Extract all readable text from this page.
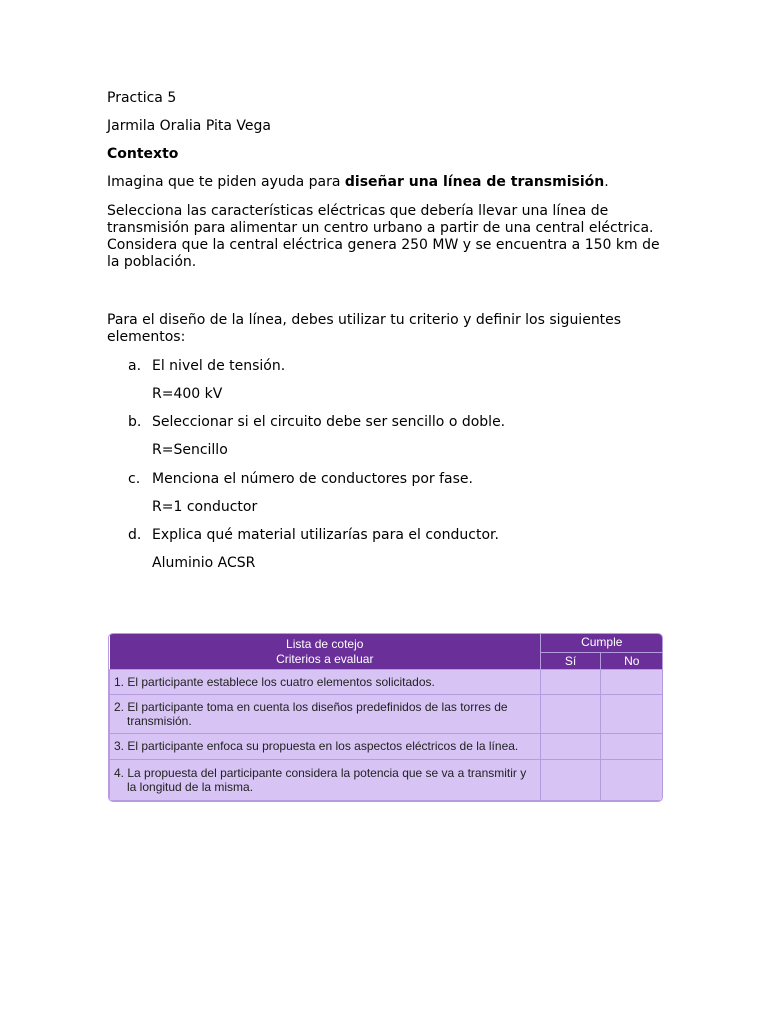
Practica 5

Jarmila Oralia Pita Vega

Contexto

Imagina que te piden ayuda para diseñar una línea de transmisión.

Selecciona las características eléctricas que debería llevar una línea de transmisión para alimentar un centro urbano a partir de una central eléctrica. Considera que la central eléctrica genera 250 MW y se encuentra a 150 km de la población.

Para el diseño de la línea, debes utilizar tu criterio y definir los siguientes elementos:

a. El nivel de tensión.
R=400 kV
b. Seleccionar si el circuito debe ser sencillo o doble.
R=Sencillo
c. Menciona el número de conductores por fase.
R=1 conductor
d. Explica qué material utilizarías para el conductor.
Aluminio ACSR
Lista de cotejo
Criterios a evaluar	Cumple	
	Sí	No

1. El participante establece los cuatro elementos solicitados.		

2. El participante toma en cuenta los diseños predefinidos de las torres de transmisión.		

3. El participante enfoca su propuesta en los aspectos eléctricos de la línea.		

4. La propuesta del participante considera la potencia que se va a transmitir y la longitud de la misma.		
